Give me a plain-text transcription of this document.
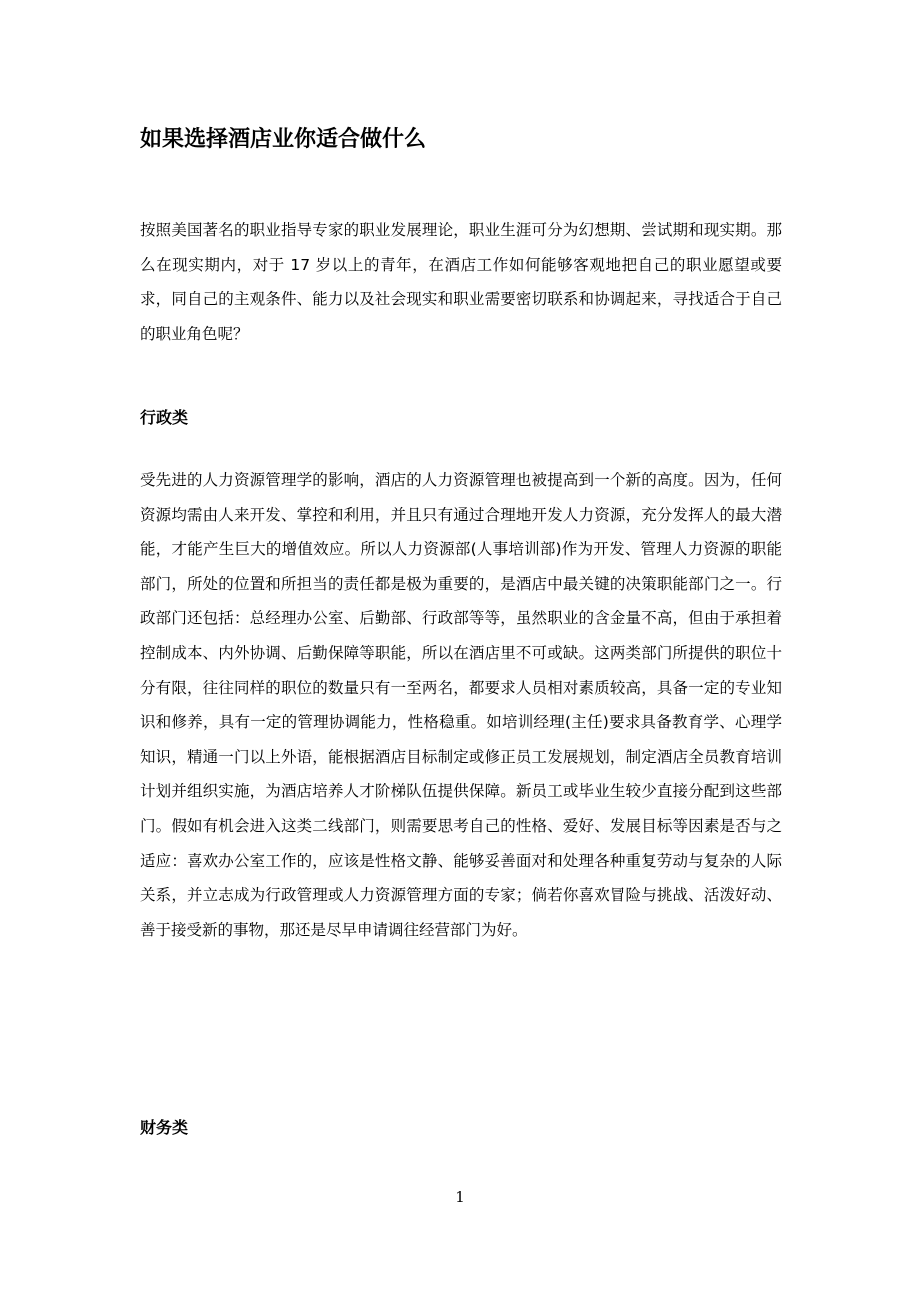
如果选择酒店业你适合做什么

按照美国著名的职业指导专家的职业发展理论，职业生涯可分为幻想期、尝试期和现实期。那么在现实期内，对于 17 岁以上的青年，在酒店工作如何能够客观地把自己的职业愿望或要求，同自己的主观条件、能力以及社会现实和职业需要密切联系和协调起来，寻找适合于自己的职业角色呢？

行政类

受先进的人力资源管理学的影响，酒店的人力资源管理也被提高到一个新的高度。因为，任何资源均需由人来开发、掌控和利用，并且只有通过合理地开发人力资源，充分发挥人的最大潜能，才能产生巨大的增值效应。所以人力资源部(人事培训部)作为开发、管理人力资源的职能部门，所处的位置和所担当的责任都是极为重要的，是酒店中最关键的决策职能部门之一。行政部门还包括：总经理办公室、后勤部、行政部等等，虽然职业的含金量不高，但由于承担着控制成本、内外协调、后勤保障等职能，所以在酒店里不可或缺。这两类部门所提供的职位十分有限，往往同样的职位的数量只有一至两名，都要求人员相对素质较高，具备一定的专业知识和修养，具有一定的管理协调能力，性格稳重。如培训经理(主任)要求具备教育学、心理学知识，精通一门以上外语，能根据酒店目标制定或修正员工发展规划，制定酒店全员教育培训计划并组织实施，为酒店培养人才阶梯队伍提供保障。新员工或毕业生较少直接分配到这些部门。假如有机会进入这类二线部门，则需要思考自己的性格、爱好、发展目标等因素是否与之适应：喜欢办公室工作的，应该是性格文静、能够妥善面对和处理各种重复劳动与复杂的人际关系，并立志成为行政管理或人力资源管理方面的专家；倘若你喜欢冒险与挑战、活泼好动、善于接受新的事物，那还是尽早申请调往经营部门为好。

财务类
1
